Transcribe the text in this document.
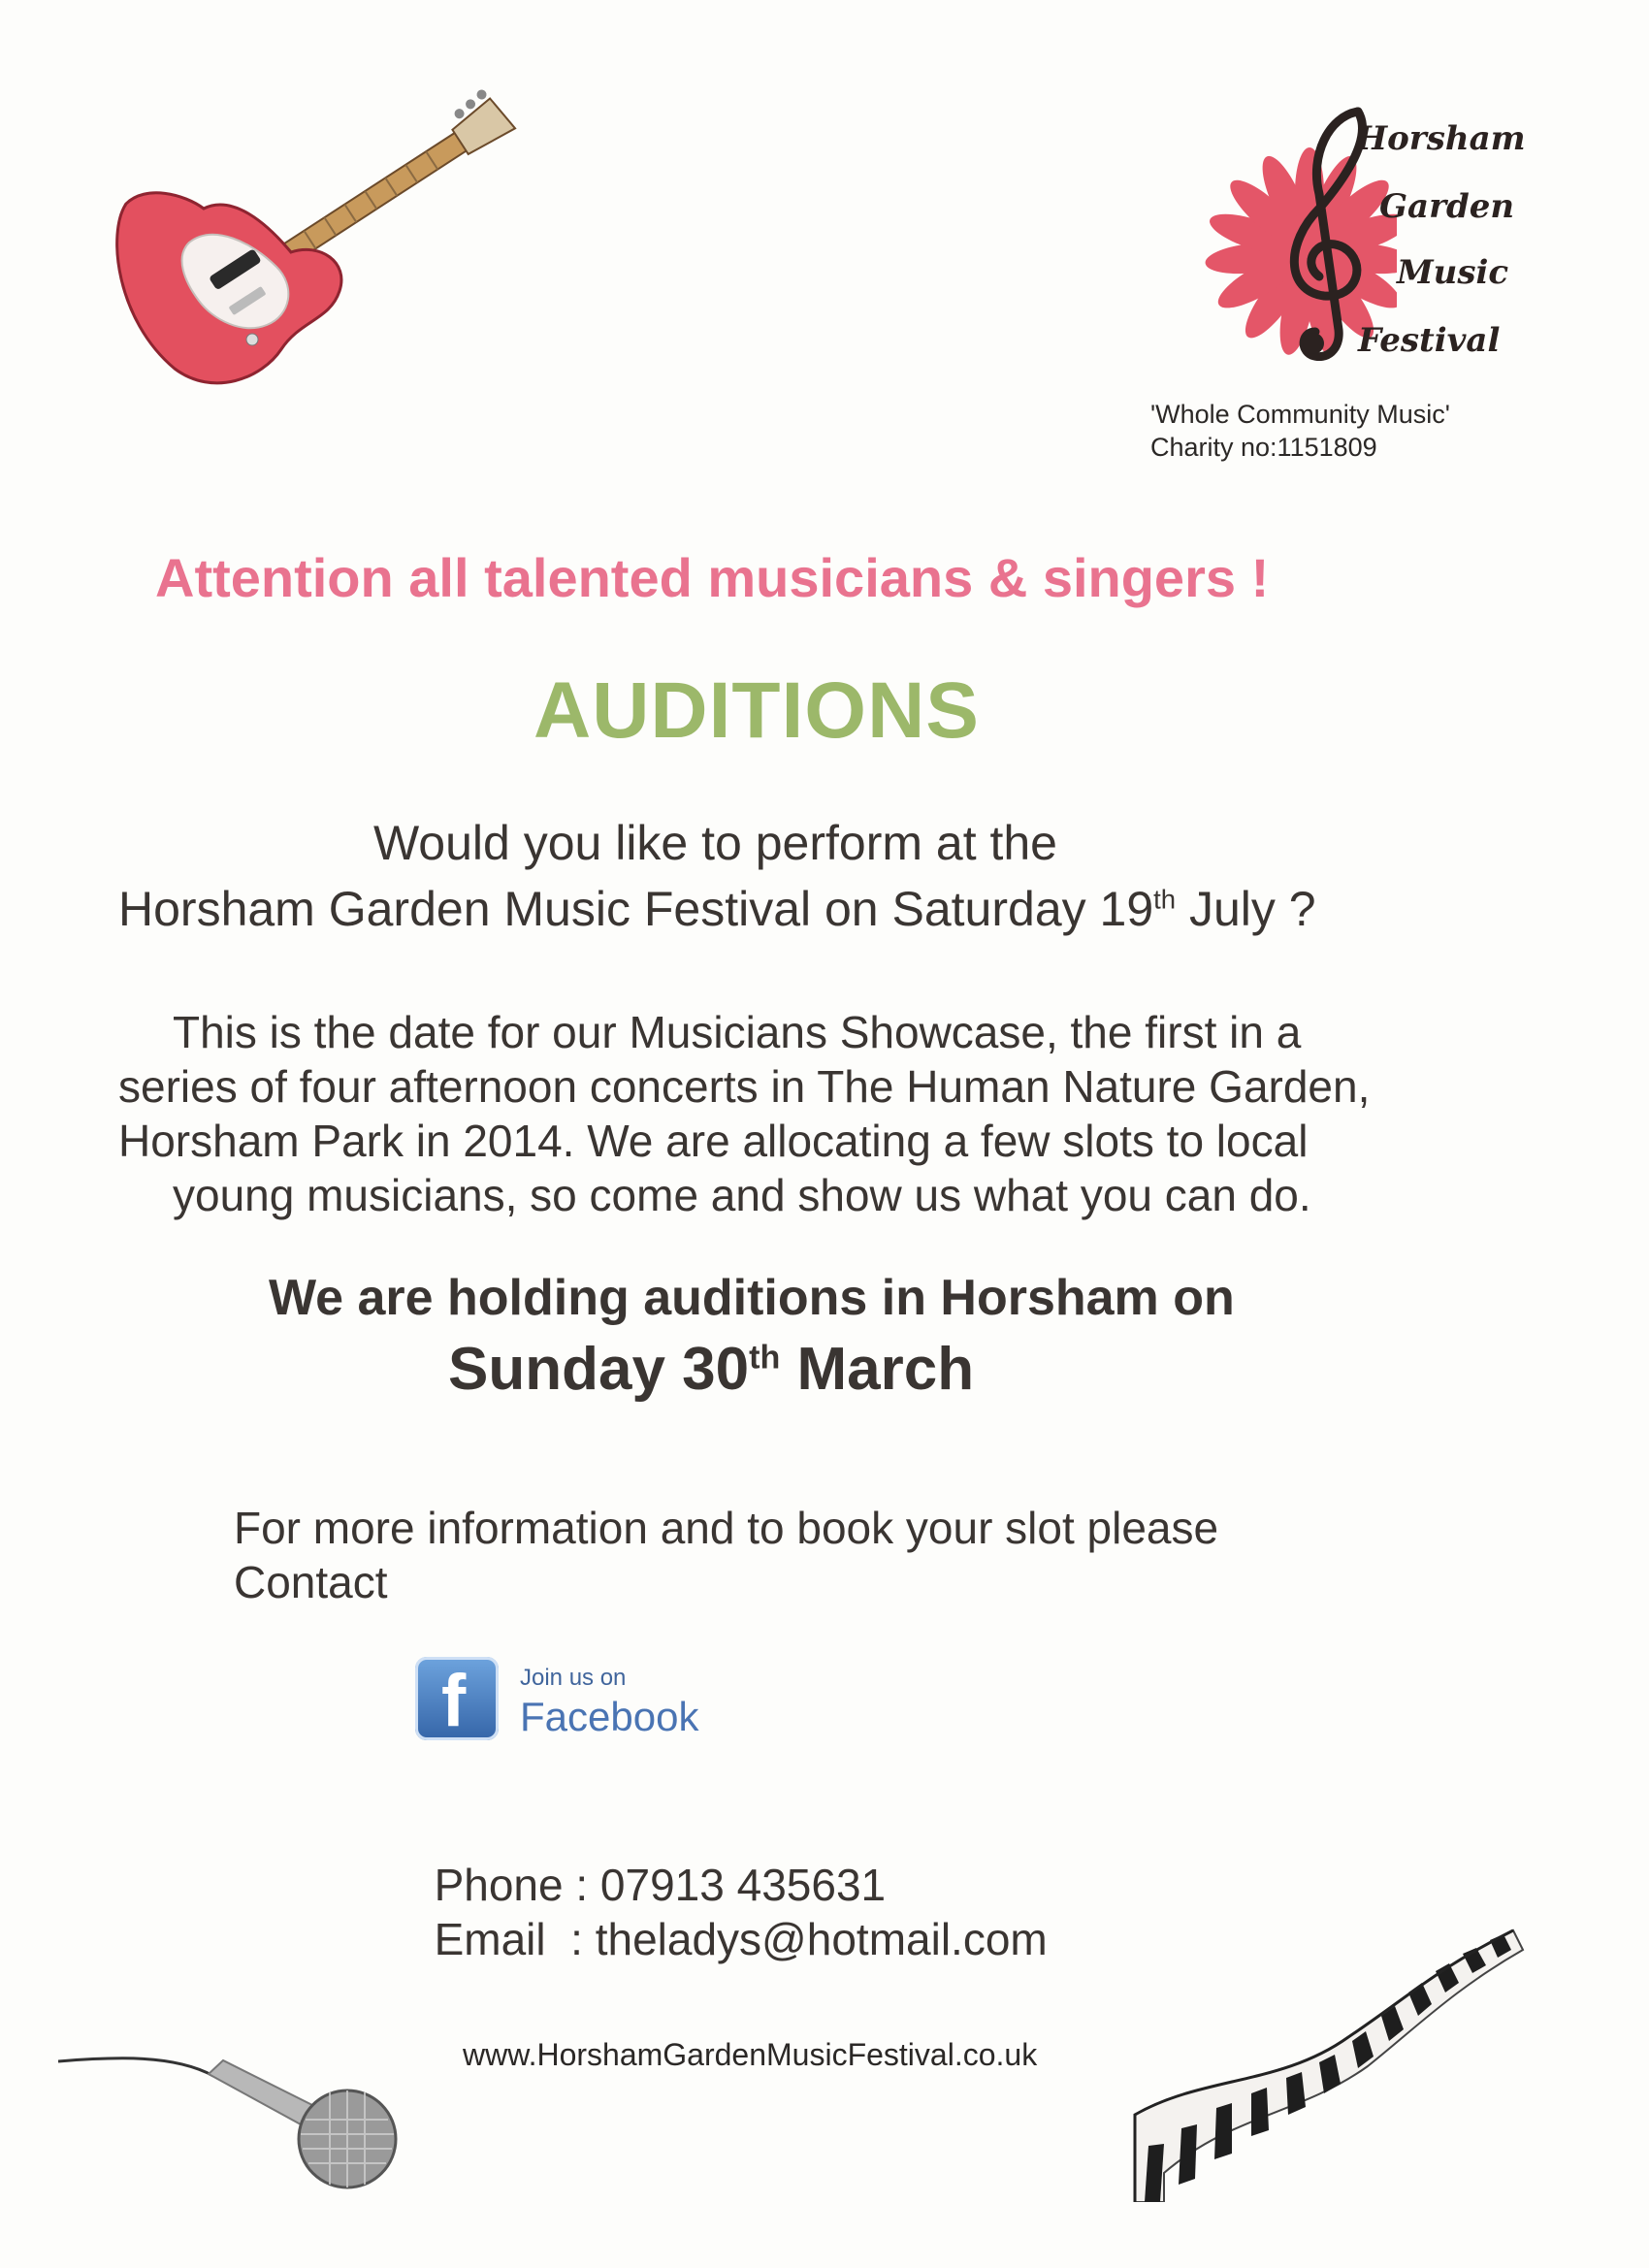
Horsham
Garden
Music
Festival
'Whole Community Music'
Charity no:1151809
Attention all talented musicians & singers !
AUDITIONS
Would you like to perform at the
Horsham Garden Music Festival on Saturday 19th July ?
This is the date for our Musicians Showcase, the first in a
series of four afternoon concerts in The Human Nature Garden,
Horsham Park in 2014. We are allocating a few slots to local
young musicians, so come and show us what you can do.
We are holding auditions in Horsham on
Sunday 30th March
For more information and to book your slot please
Contact
f Join us on
Facebook

Phone : 07913 435631

Email  : theladys@hotmail.com

www.HorshamGardenMusicFestival.co.uk
